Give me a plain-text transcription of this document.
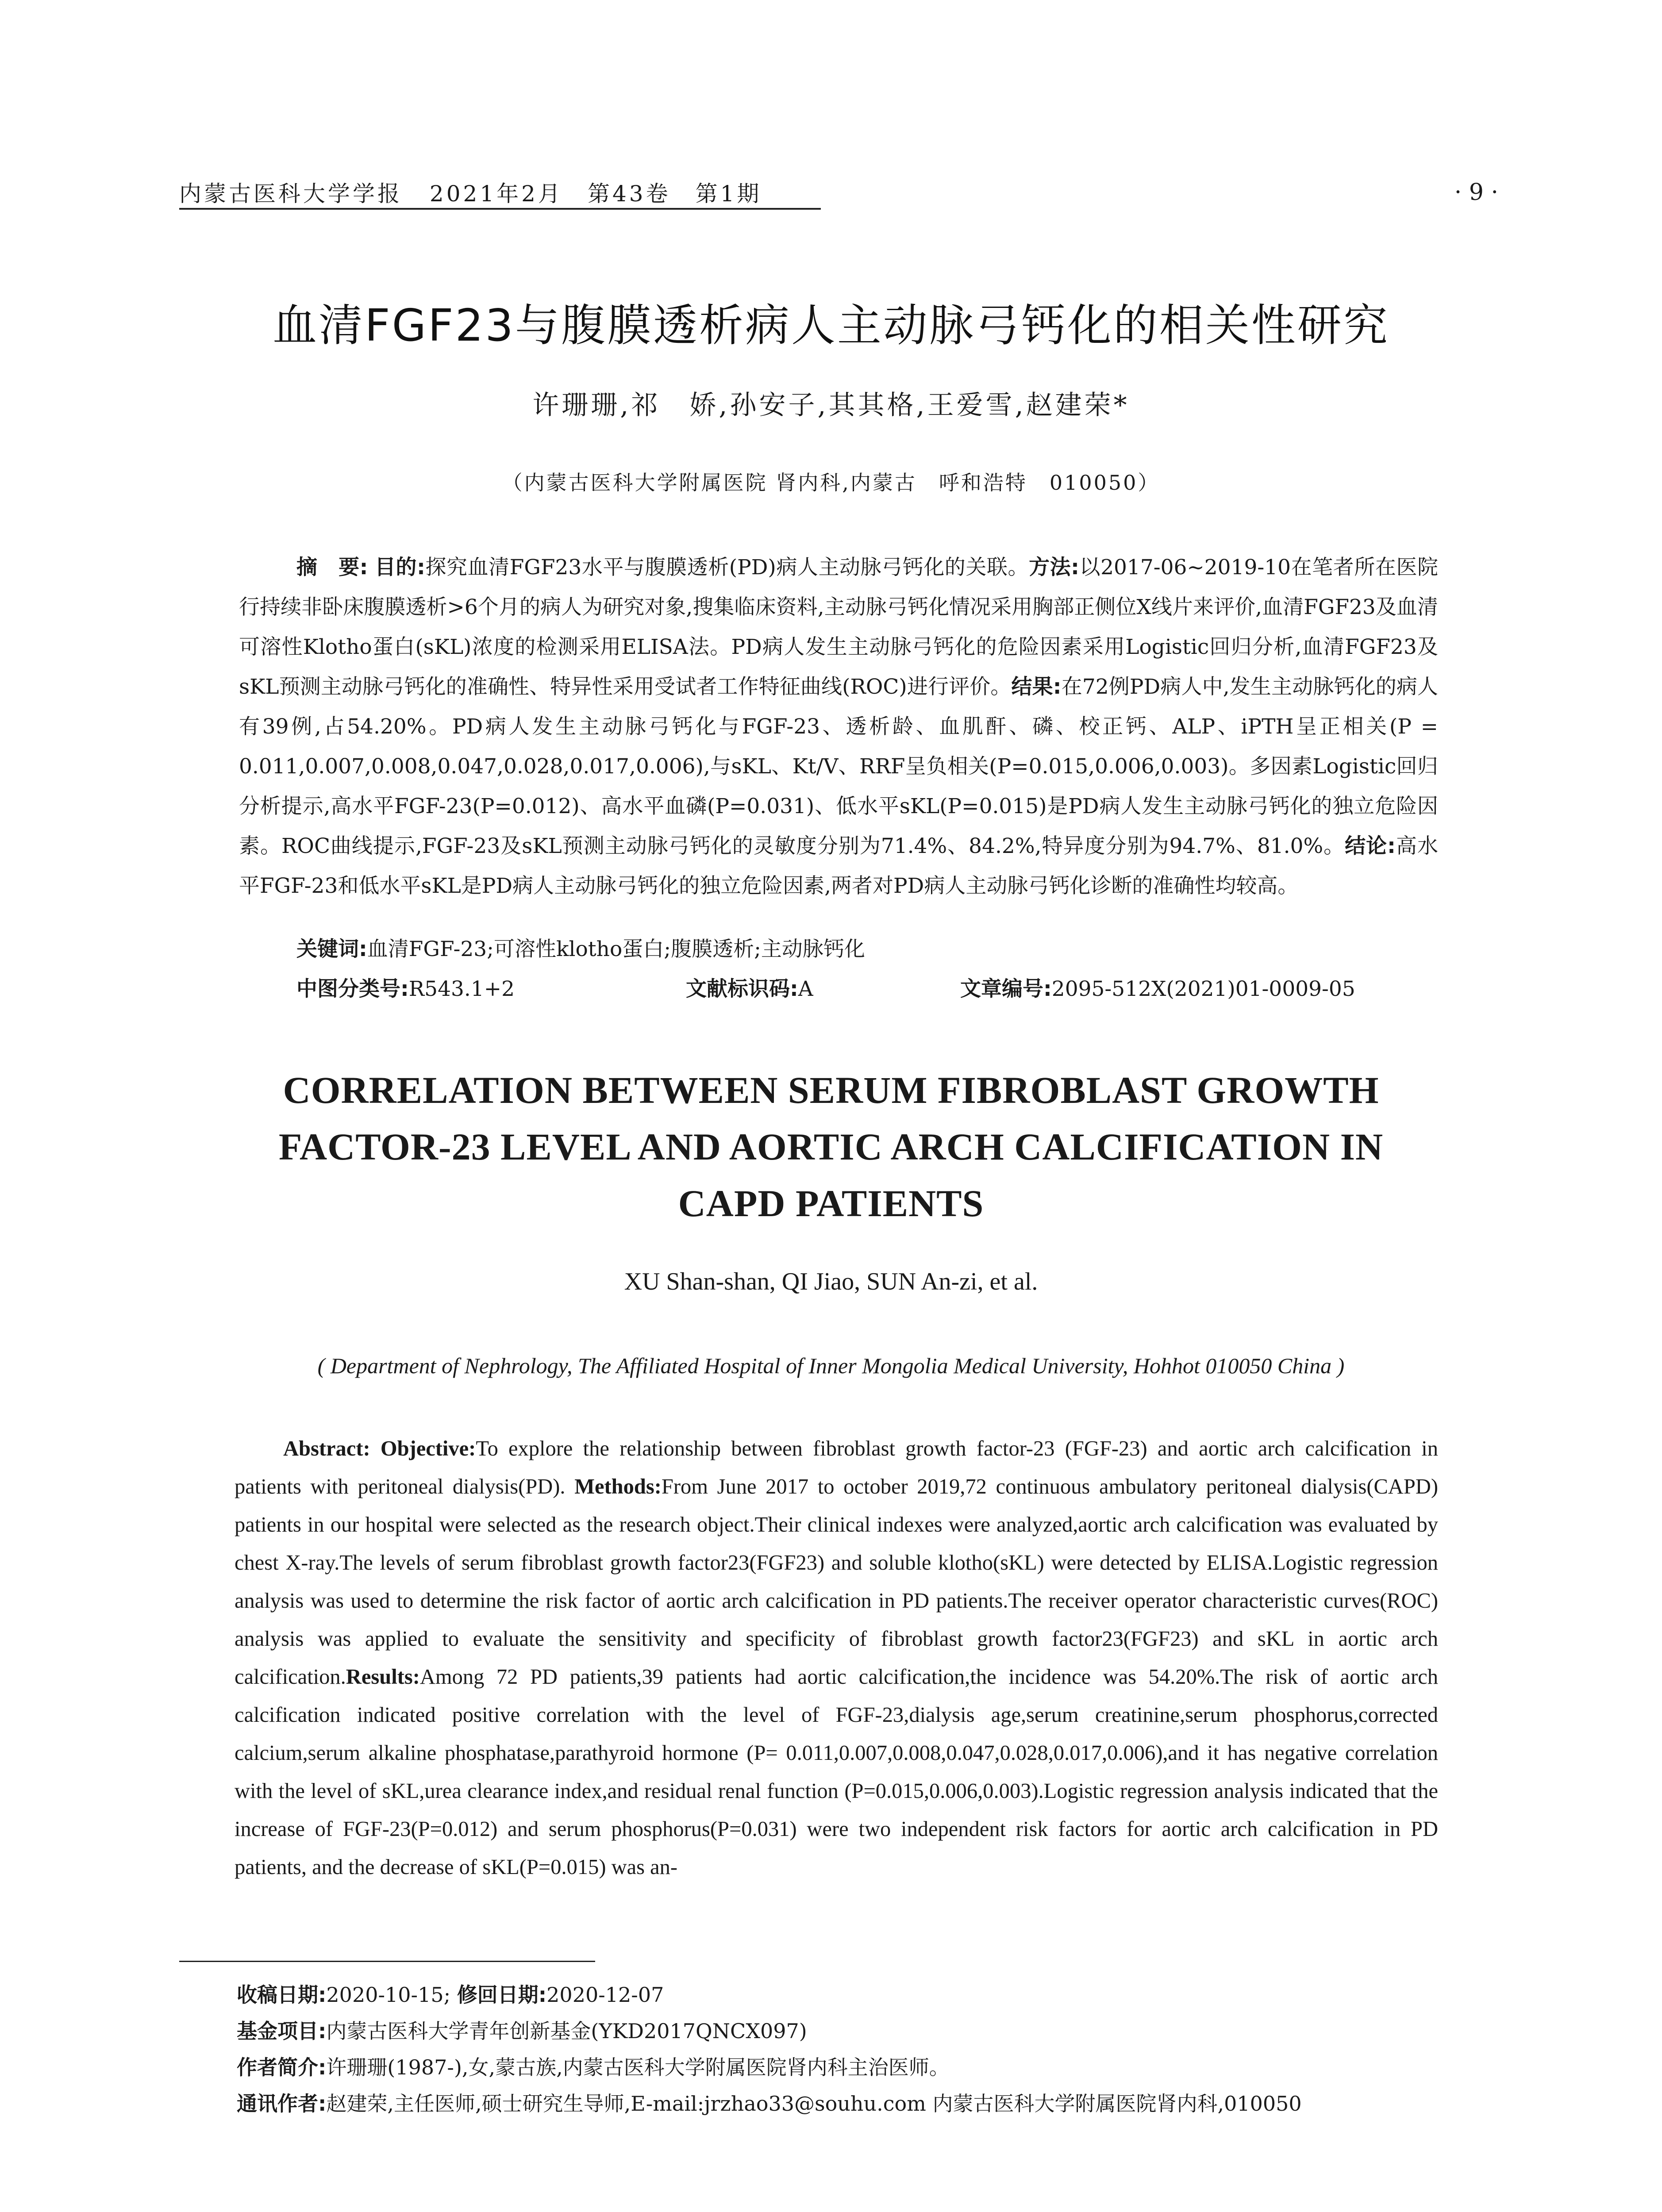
内蒙古医科大学学报 2021年2月　第43卷　第1期	· 9 ·
血清FGF23与腹膜透析病人主动脉弓钙化的相关性研究
许珊珊,祁　娇,孙安子,其其格,王爱雪,赵建荣*
（内蒙古医科大学附属医院 肾内科,内蒙古　呼和浩特　010050）
摘　要: 目的:探究血清FGF23水平与腹膜透析(PD)病人主动脉弓钙化的关联。方法:以2017-06~2019-10在笔者所在医院行持续非卧床腹膜透析>6个月的病人为研究对象,搜集临床资料,主动脉弓钙化情况采用胸部正侧位X线片来评价,血清FGF23及血清可溶性Klotho蛋白(sKL)浓度的检测采用ELISA法。PD病人发生主动脉弓钙化的危险因素采用Logistic回归分析,血清FGF23及sKL预测主动脉弓钙化的准确性、特异性采用受试者工作特征曲线(ROC)进行评价。结果:在72例PD病人中,发生主动脉钙化的病人有39例,占54.20%。PD病人发生主动脉弓钙化与FGF-23、透析龄、血肌酐、磷、校正钙、ALP、iPTH呈正相关(P = 0.011,0.007,0.008,0.047,0.028,0.017,0.006),与sKL、Kt/V、RRF呈负相关(P=0.015,0.006,0.003)。多因素Logistic回归分析提示,高水平FGF-23(P=0.012)、高水平血磷(P=0.031)、低水平sKL(P=0.015)是PD病人发生主动脉弓钙化的独立危险因素。ROC曲线提示,FGF-23及sKL预测主动脉弓钙化的灵敏度分别为71.4%、84.2%,特异度分别为94.7%、81.0%。结论:高水平FGF-23和低水平sKL是PD病人主动脉弓钙化的独立危险因素,两者对PD病人主动脉弓钙化诊断的准确性均较高。
关键词:血清FGF-23;可溶性klotho蛋白;腹膜透析;主动脉钙化
中图分类号:R543.1+2	文献标识码:A	文章编号:2095-512X(2021)01-0009-05
CORRELATION BETWEEN SERUM FIBROBLAST GROWTH FACTOR-23 LEVEL AND AORTIC ARCH CALCIFICATION IN CAPD PATIENTS
XU Shan-shan, QI Jiao, SUN An-zi, et al.
( Department of Nephrology, The Affiliated Hospital of Inner Mongolia Medical University, Hohhot 010050 China )
Abstract: Objective:To explore the relationship between fibroblast growth factor-23 (FGF-23) and aortic arch calcification in patients with peritoneal dialysis(PD). Methods:From June 2017 to october 2019,72 continuous ambulatory peritoneal dialysis(CAPD) patients in our hospital were selected as the research object.Their clinical indexes were analyzed,aortic arch calcification was evaluated by chest X-ray.The levels of serum fibroblast growth factor23(FGF23) and soluble klotho(sKL) were detected by ELISA.Logistic regression analysis was used to determine the risk factor of aortic arch calcification in PD patients.The receiver operator characteristic curves(ROC) analysis was applied to evaluate the sensitivity and specificity of fibroblast growth factor23(FGF23) and sKL in aortic arch calcification.Results:Among 72 PD patients,39 patients had aortic calcification,the incidence was 54.20%.The risk of aortic arch calcification indicated positive correlation with the level of FGF-23,dialysis age,serum creatinine,serum phosphorus,corrected calcium,serum alkaline phosphatase,parathyroid hormone (P= 0.011,0.007,0.008,0.047,0.028,0.017,0.006),and it has negative correlation with the level of sKL,urea clearance index,and residual renal function (P=0.015,0.006,0.003).Logistic regression analysis indicated that the increase of FGF-23(P=0.012) and serum phosphorus(P=0.031) were two independent risk factors for aortic arch calcification in PD patients, and the decrease of sKL(P=0.015) was an-
收稿日期:2020-10-15; 修回日期:2020-12-07
基金项目:内蒙古医科大学青年创新基金(YKD2017QNCX097)
作者简介:许珊珊(1987-),女,蒙古族,内蒙古医科大学附属医院肾内科主治医师。
通讯作者:赵建荣,主任医师,硕士研究生导师,E-mail:jrzhao33@souhu.com 内蒙古医科大学附属医院肾内科,010050
